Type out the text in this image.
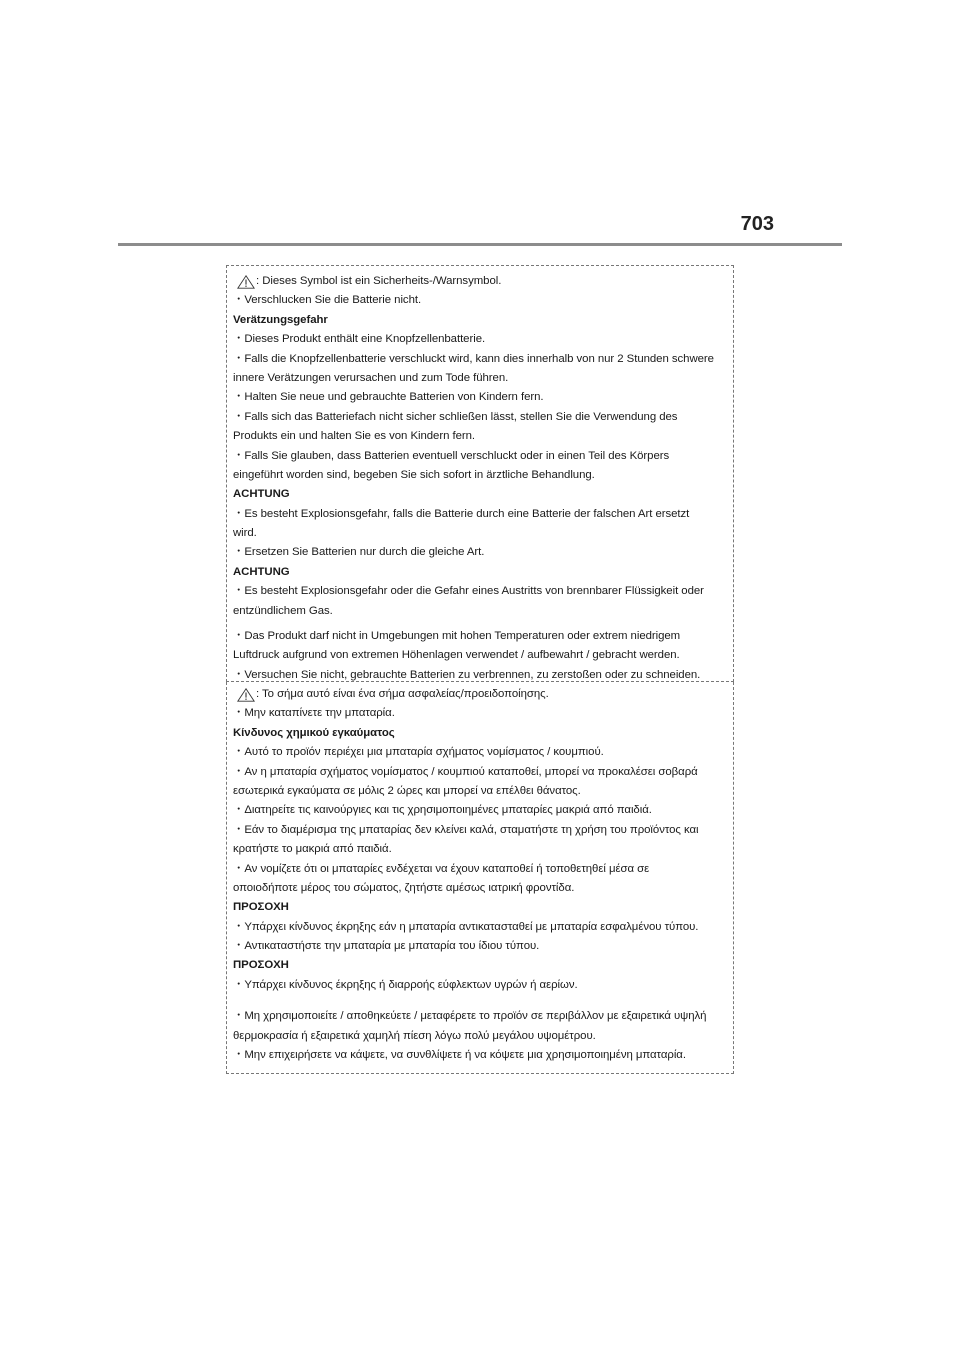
703
: Dieses Symbol ist ein Sicherheits-/Warnsymbol.
・Verschlucken Sie die Batterie nicht.
Verätzungsgefahr
・Dieses Produkt enthält eine Knopfzellenbatterie.
・Falls die Knopfzellenbatterie verschluckt wird, kann dies innerhalb von nur 2 Stunden schwere
innere Verätzungen verursachen und zum Tode führen.
・Halten Sie neue und gebrauchte Batterien von Kindern fern.
・Falls sich das Batteriefach nicht sicher schließen lässt, stellen Sie die Verwendung des
Produkts ein und halten Sie es von Kindern fern.
・Falls Sie glauben, dass Batterien eventuell verschluckt oder in einen Teil des Körpers
eingeführt worden sind, begeben Sie sich sofort in ärztliche Behandlung.
ACHTUNG
・Es besteht Explosionsgefahr, falls die Batterie durch eine Batterie der falschen Art ersetzt
wird.
・Ersetzen Sie Batterien nur durch die gleiche Art.
ACHTUNG
・Es besteht Explosionsgefahr oder die Gefahr eines Austritts von brennbarer Flüssigkeit oder
entzündlichem Gas.
・Das Produkt darf nicht in Umgebungen mit hohen Temperaturen oder extrem niedrigem
Luftdruck aufgrund von extremen Höhenlagen verwendet / aufbewahrt / gebracht werden.
・Versuchen Sie nicht, gebrauchte Batterien zu verbrennen, zu zerstoßen oder zu schneiden.
: Το σήμα αυτό είναι ένα σήμα ασφαλείας/προειδοποίησης.
・Μην καταπίνετε την μπαταρία.
Κίνδυνος χημικού εγκαύματος
・Αυτό το προϊόν περιέχει μια μπαταρία σχήματος νομίσματος / κουμπιού.
・Αν η μπαταρία σχήματος νομίσματος / κουμπιού καταποθεί, μπορεί να προκαλέσει σοβαρά
εσωτερικά εγκαύματα σε μόλις 2 ώρες και μπορεί να επέλθει θάνατος.
・Διατηρείτε τις καινούργιες και τις χρησιμοποιημένες μπαταρίες μακριά από παιδιά.
・Εάν το διαμέρισμα της μπαταρίας δεν κλείνει καλά, σταματήστε τη χρήση του προϊόντος και
κρατήστε το μακριά από παιδιά.
・Αν νομίζετε ότι οι μπαταρίες ενδέχεται να έχουν καταποθεί ή τοποθετηθεί μέσα σε
οποιοδήποτε μέρος του σώματος, ζητήστε αμέσως ιατρική φροντίδα.
ΠΡΟΣΟΧΗ
・Υπάρχει κίνδυνος έκρηξης εάν η μπαταρία αντικατασταθεί με μπαταρία εσφαλμένου τύπου.
・Αντικαταστήστε την μπαταρία με μπαταρία του ίδιου τύπου.
ΠΡΟΣΟΧΗ
・Υπάρχει κίνδυνος έκρηξης ή διαρροής εύφλεκτων υγρών ή αερίων.
・Μη χρησιμοποιείτε / αποθηκεύετε / μεταφέρετε το προϊόν σε περιβάλλον με εξαιρετικά υψηλή
θερμοκρασία ή εξαιρετικά χαμηλή πίεση λόγω πολύ μεγάλου υψομέτρου.
・Μην επιχειρήσετε να κάψετε, να συνθλίψετε ή να κόψετε μια χρησιμοποιημένη μπαταρία.
